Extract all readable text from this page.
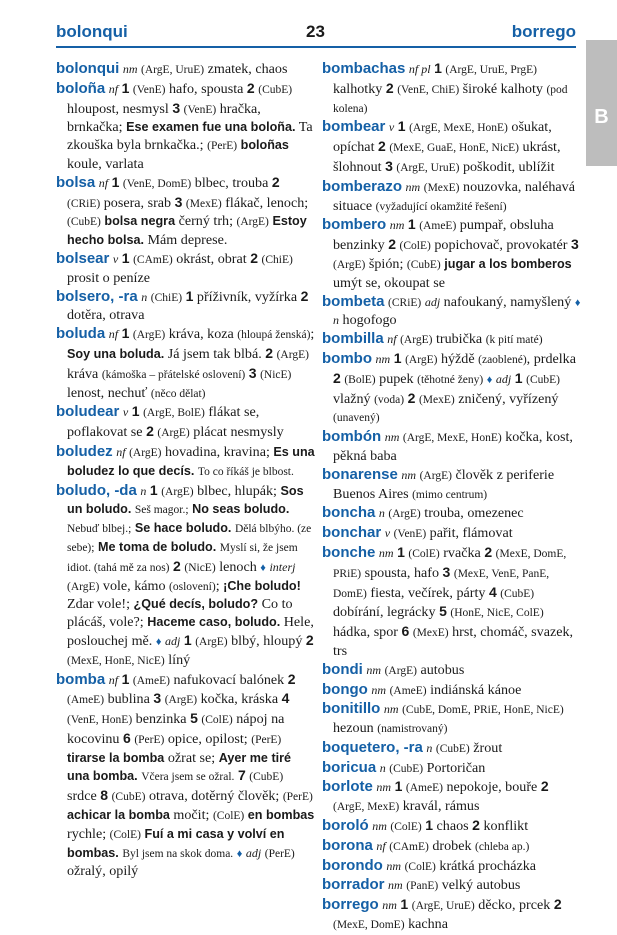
bolonqui	23	borrego
B
bolonqui nm (ArgE, UruE) zmatek, chaos
boloña nf 1 (VenE) hafo, spousta 2 (CubE) hloupost, nesmysl 3 (VenE) hračka, brnkačka; Ese examen fue una boloña. Ta zkouška byla brnkačka.; (PerE) boloñas koule, varlata
bolsa nf 1 (VenE, DomE) blbec, trouba 2 (CRiE) posera, srab 3 (MexE) flákač, lenoch; (CubE) bolsa negra černý trh; (ArgE) Estoy hecho bolsa. Mám deprese.
bolsear v 1 (CAmE) okrást, obrat 2 (ChiE) prosit o peníze
bolsero, -ra n (ChiE) 1 příživník, vyžírka 2 dotěra, otrava
boluda nf 1 (ArgE) kráva, koza (hloupá ženská); Soy una boluda. Já jsem tak blbá. 2 (ArgE) kráva (kámoška – přátelské oslovení) 3 (NicE) lenost, nechuť (něco dělat)
boludear v 1 (ArgE, BolE) flákat se, poflakovat se 2 (ArgE) plácat nesmysly
boludez nf (ArgE) hovadina, kravina; Es una boludez lo que decís. To co říkáš je blbost.
boludo, -da n 1 (ArgE) blbec, hlupák; Sos un boludo. Seš magor.; No seas boludo. Nebuď blbej.; Se hace boludo. Dělá blbýho. (ze sebe); Me toma de boludo. Myslí si, že jsem idiot. (tahá mě za nos) 2 (NicE) lenoch ♦ interj (ArgE) vole, kámo (oslovení); ¡Che boludo! Zdar vole!; ¿Qué decís, boludo? Co to plácáš, vole?; Haceme caso, boludo. Hele, poslouchej mě. ♦ adj 1 (ArgE) blbý, hloupý 2 (MexE, HonE, NicE) líný
bomba nf 1 (AmeE) nafukovací balónek 2 (AmeE) bublina 3 (ArgE) kočka, kráska 4 (VenE, HonE) benzinka 5 (ColE) nápoj na kocovinu 6 (PerE) opice, opilost; (PerE) tirarse la bomba ožrat se; Ayer me tiré una bomba. Včera jsem se ožral. 7 (CubE) srdce 8 (CubE) otrava, dotěrný člověk; (PerE) achicar la bomba močit; (ColE) en bombas rychle; (ColE) Fuí a mi casa y volví en bombas. Byl jsem na skok doma. ♦ adj (PerE) ožralý, opilý
bombachas nf pl 1 (ArgE, UruE, PrgE) kalhotky 2 (VenE, ChiE) široké kalhoty (pod kolena)
bombear v 1 (ArgE, MexE, HonE) ošukat, opíchat 2 (MexE, GuaE, HonE, NicE) ukrást, šlohnout 3 (ArgE, UruE) poškodit, ublížit
bomberazo nm (MexE) nouzovka, naléhavá situace (vyžadující okamžité řešení)
bombero nm 1 (AmeE) pumpař, obsluha benzinky 2 (ColE) popichovač, provokatér 3 (ArgE) špión; (CubE) jugar a los bomberos umýt se, okoupat se
bombeta (CRiE) adj nafoukaný, namyšlený ♦ n hogofogo
bombilla nf (ArgE) trubička (k pití maté)
bombo nm 1 (ArgE) hýždě (zaoblené), prdelka 2 (BolE) pupek (těhotné ženy) ♦ adj 1 (CubE) vlažný (voda) 2 (MexE) zničený, vyřízený (unavený)
bombón nm (ArgE, MexE, HonE) kočka, kost, pěkná baba
bonarense nm (ArgE) člověk z periferie Buenos Aires (mimo centrum)
boncha n (ArgE) trouba, omezenec
bonchar v (VenE) pařit, flámovat
bonche nm 1 (ColE) rvačka 2 (MexE, DomE, PRiE) spousta, hafo 3 (MexE, VenE, PanE, DomE) fiesta, večírek, párty 4 (CubE) dobírání, legrácky 5 (HonE, NicE, ColE) hádka, spor 6 (MexE) hrst, chomáč, svazek, trs
bondi nm (ArgE) autobus
bongo nm (AmeE) indiánská kánoe
bonitillo nm (CubE, DomE, PRiE, HonE, NicE) hezoun (namistrovaný)
boquetero, -ra n (CubE) žrout
boricua n (CubE) Portoričan
borlote nm 1 (AmeE) nepokoje, bouře 2 (ArgE, MexE) kravál, rámus
boroló nm (ColE) 1 chaos 2 konflikt
borona nf (CAmE) drobek (chleba ap.)
borondo nm (ColE) krátká procházka
borrador nm (PanE) velký autobus
borrego nm 1 (ArgE, UruE) děcko, prcek 2 (MexE, DomE) kachna
